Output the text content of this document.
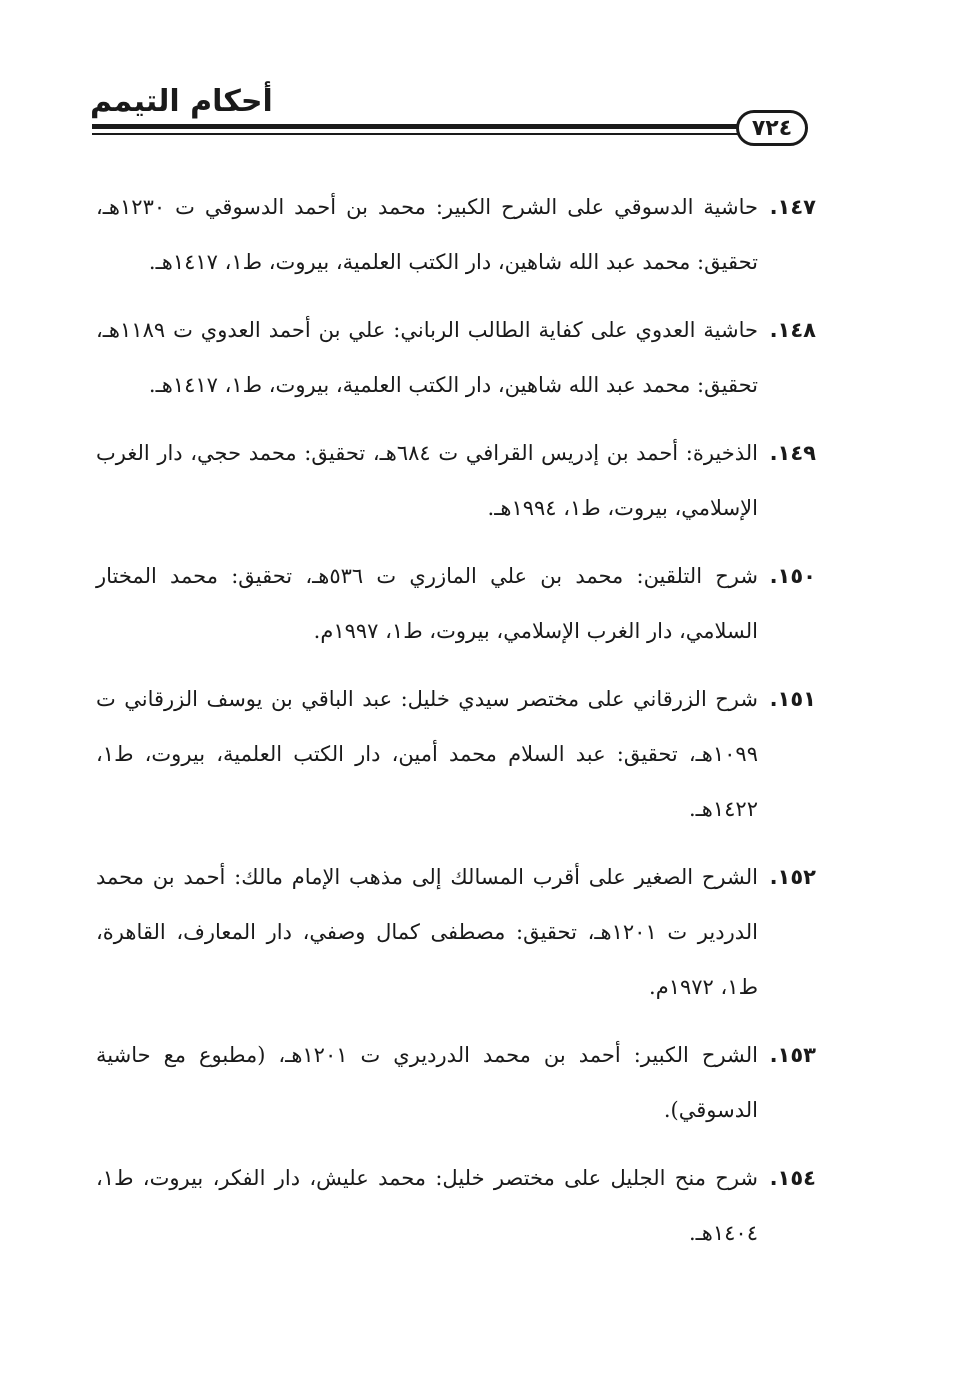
أحكام التيمم
٧٢٤
١٤٧.
حاشية الدسوقي على الشرح الكبير: محمد بن أحمد الدسوقي ت ١٢٣٠هـ، تحقيق: محمد عبد الله شاهين، دار الكتب العلمية، بيروت، ط١، ١٤١٧هـ.
١٤٨.
حاشية العدوي على كفاية الطالب الرباني: علي بن أحمد العدوي ت ١١٨٩هـ، تحقيق: محمد عبد الله شاهين، دار الكتب العلمية، بيروت، ط١، ١٤١٧هـ.
١٤٩.
الذخيرة: أحمد بن إدريس القرافي ت ٦٨٤هـ، تحقيق: محمد حجي، دار الغرب الإسلامي، بيروت، ط١، ١٩٩٤هـ.
١٥٠.
شرح التلقين: محمد بن علي المازري ت ٥٣٦هـ، تحقيق: محمد المختار السلامي، دار الغرب الإسلامي، بيروت، ط١، ١٩٩٧م.
١٥١.
شرح الزرقاني على مختصر سيدي خليل: عبد الباقي بن يوسف الزرقاني ت ١٠٩٩هـ، تحقيق: عبد السلام محمد أمين، دار الكتب العلمية، بيروت، ط١، ١٤٢٢هـ.
١٥٢.
الشرح الصغير على أقرب المسالك إلى مذهب الإمام مالك: أحمد بن محمد الدردير ت ١٢٠١هـ، تحقيق: مصطفى كمال وصفي، دار المعارف، القاهرة، ط١، ١٩٧٢م.
١٥٣.
الشرح الكبير: أحمد بن محمد الدرديري ت ١٢٠١هـ، (مطبوع مع حاشية الدسوقي).
١٥٤.
شرح منح الجليل على مختصر خليل: محمد عليش، دار الفكر، بيروت، ط١، ١٤٠٤هـ.
